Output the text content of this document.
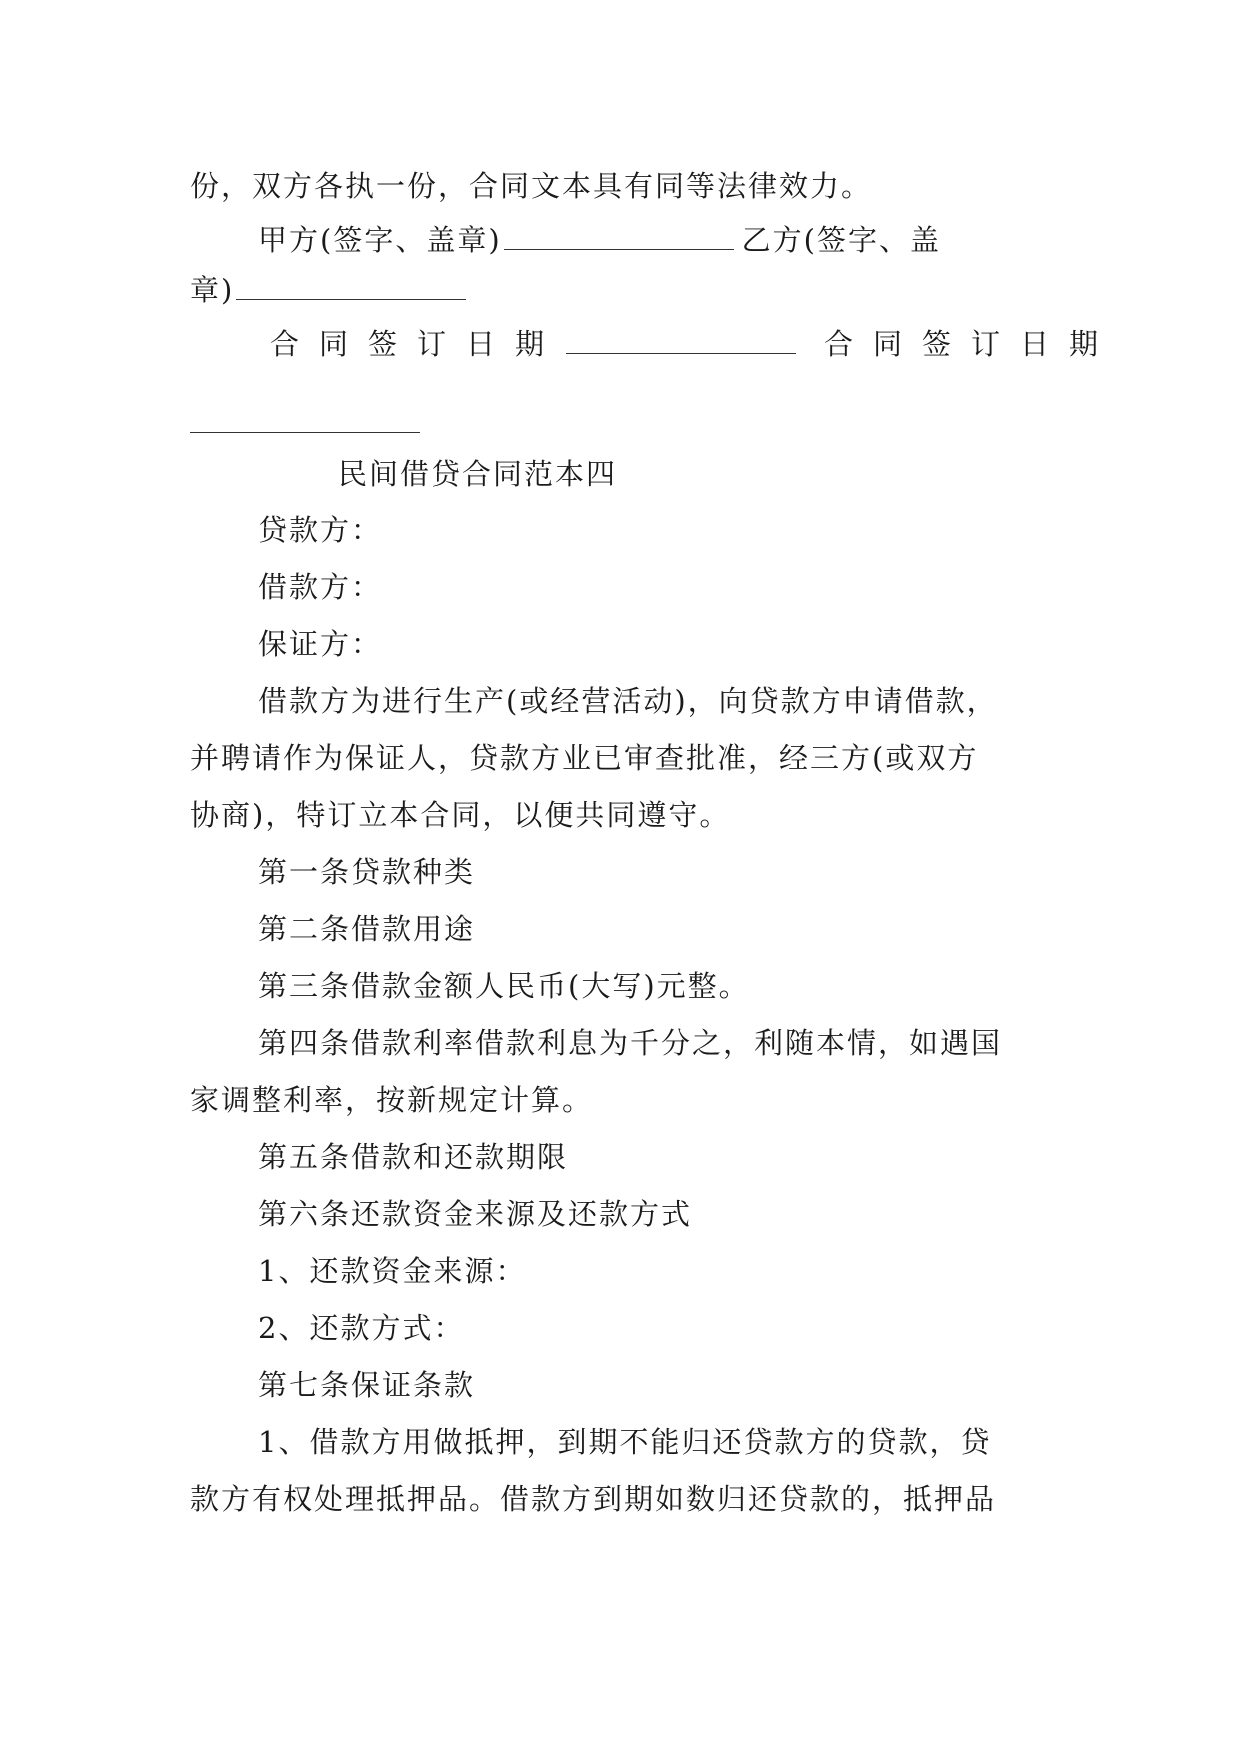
份，双方各执一份，合同文本具有同等法律效力。
甲方(签字、盖章)	乙方(签字、盖
章)
合同签订日期	合同签订日期
民间借贷合同范本四
贷款方：
借款方：
保证方：
借款方为进行生产(或经营活动)，向贷款方申请借款，
并聘请作为保证人，贷款方业已审查批准，经三方(或双方
协商)，特订立本合同，以便共同遵守。
第一条贷款种类
第二条借款用途
第三条借款金额人民币(大写)元整。
第四条借款利率借款利息为千分之，利随本情，如遇国
家调整利率，按新规定计算。
第五条借款和还款期限
第六条还款资金来源及还款方式
1、还款资金来源：
2、还款方式：
第七条保证条款
1、借款方用做抵押，到期不能归还贷款方的贷款，贷
款方有权处理抵押品。借款方到期如数归还贷款的，抵押品
